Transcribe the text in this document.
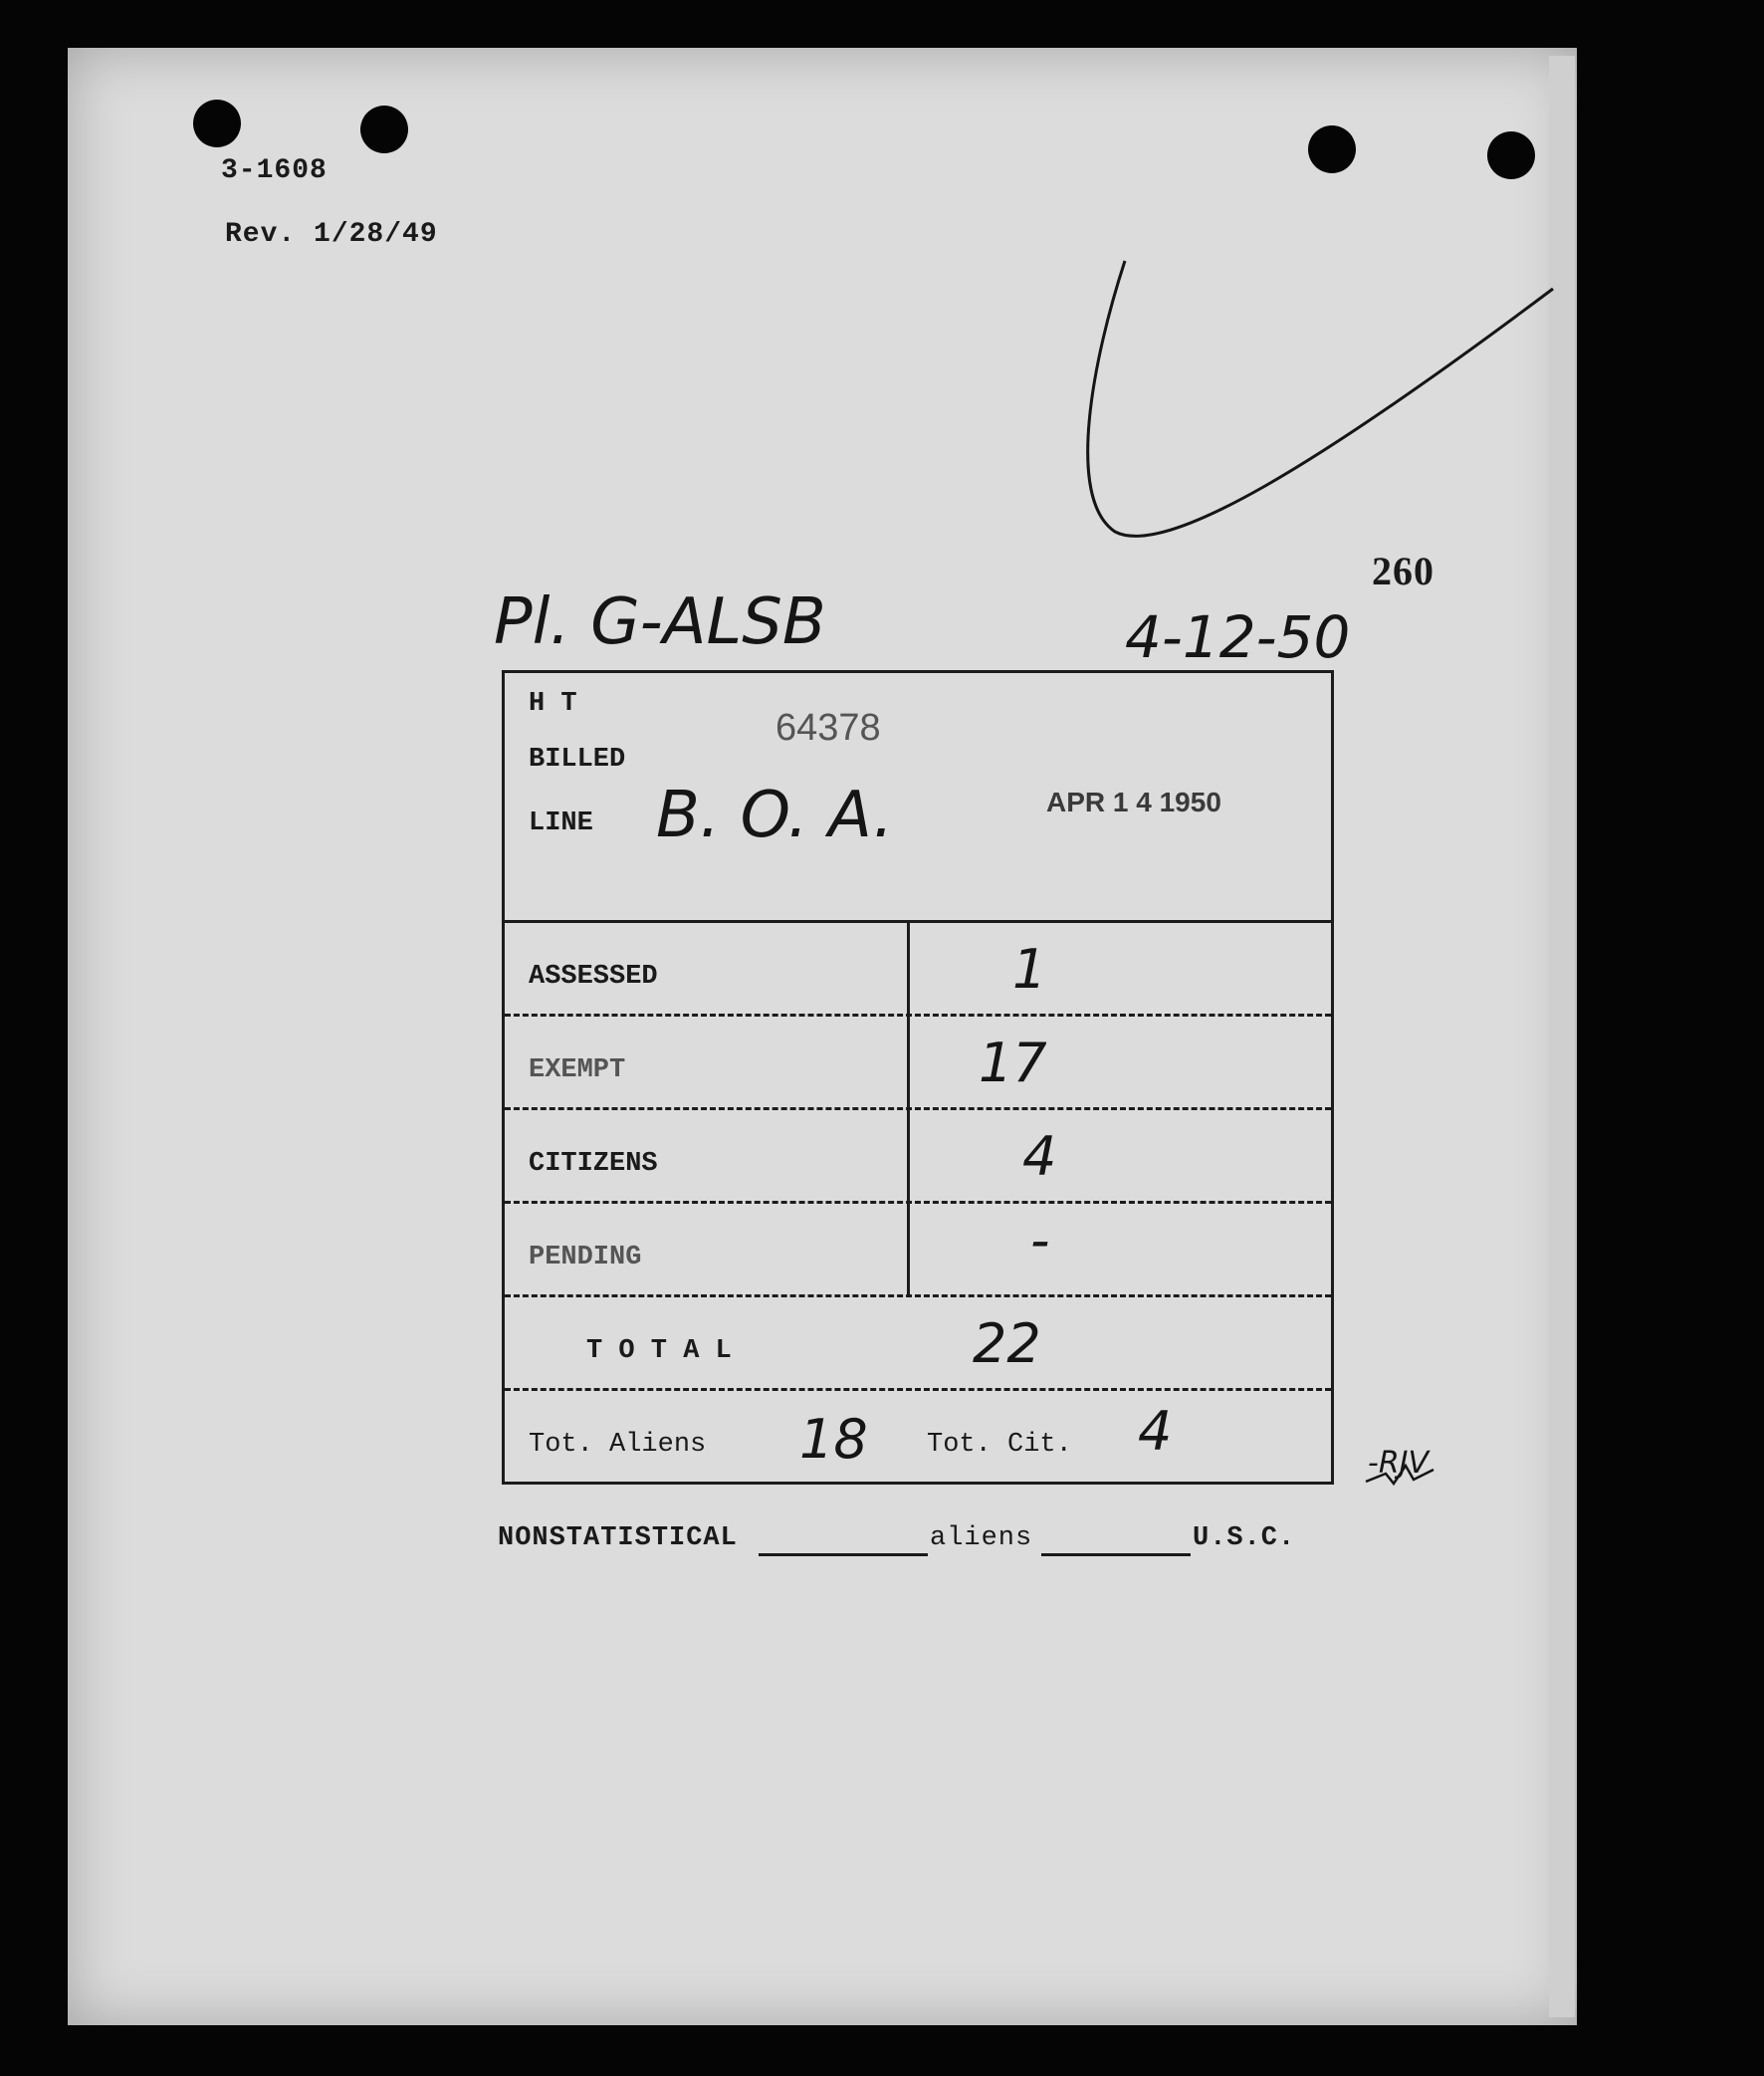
3-1608
Rev. 1/28/49
260
Pl. G-ALSB	4-12-50
H T
64378
BILLED
LINE B. O. A.	APR 1 4 1950
ASSESSED	1
EXEMPT	17
CITIZENS	4
PENDING	-
T O T A L	22
Tot. Aliens 18 Tot. Cit. 4
-RJV
NONSTATISTICAL	aliens	U.S.C.
